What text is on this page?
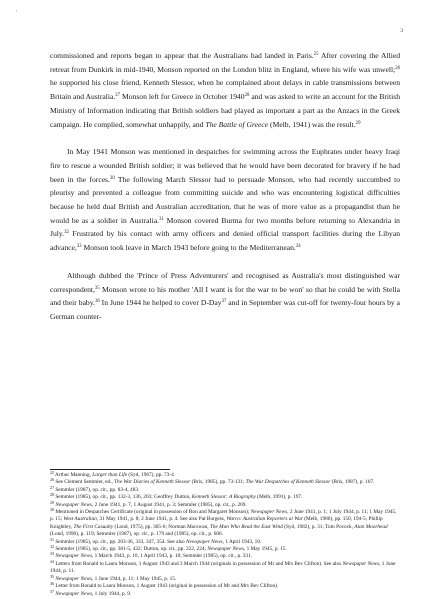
'
3

commissioned and reports began to appear that the Australians had landed in Paris.$^{25}$ After covering the Allied retreat from Dunkirk in mid-1940, Monson reported on the London blitz in England, where his wife was unwell;$^{26}$ he supported his close friend, Kenneth Slessor, when he complained about delays in cable transmissions between Britain and Australia.$^{27}$ Monson left for Greece in October 1940$^{28}$ and was asked to write an account for the British Ministry of Information indicating that British soldiers had played as important a part as the Anzacs in the Greek campaign. He complied, somewhat unhappily, and The Battle of Greece (Melb, 1941) was the result.$^{29}$

In May 1941 Monson was mentioned in despatches for swimming across the Euphrates under heavy Iraqi fire to rescue a wounded British soldier; it was believed that he would have been decorated for bravery if he had been in the forces.$^{30}$ The following March Slessor had to persuade Monson, who had recently succumbed to pleurisy and prevented a colleague from committing suicide and who was encountering logistical difficulties because he held dual British and Australian accreditation, that he was of more value as a propagandist than he would be as a soldier in Australia.$^{31}$ Monson covered Burma for two months before returning to Alexandria in July.$^{32}$ Frustrated by his contact with army officers and denied official transport facilities during the Libyan advance,$^{33}$ Monson took leave in March 1943 before going to the Mediterranean.$^{34}$

Although dubbed the 'Prince of Press Adventurers' and recognised as Australia's most distinguished war correspondent,$^{35}$ Monson wrote to his mother 'All I want is for the war to be won' so that he could be with Stella and their baby.$^{36}$ In June 1944 he helped to cover D-Day$^{37}$ and in September was cut-off for twenty-four hours by a German counter-

$^{25}$ Arthur Manning, Larger than Life (Syd, 1967), pp. 73-4.

$^{26}$ See Clement Semmler, ed., The War Diaries of Kenneth Slessor (Bris, 1985), pp. 73-131; The War Despatches of Kenneth Slessor (Bris, 1987), p. 167.

$^{27}$ Semmler (1987), op. cit., pp. 83-4, 483.

$^{28}$ Semmler (1985), op. cit., pp. 132-3, 136, 203; Geoffrey Dutton, Kenneth Slessor: A Biography (Melb, 1991), p. 197.

$^{29}$ Newspaper News, 2 June 1941, p. 7, 1 August 1941, p. 3; Semmler (1985), op. cit., p. 269.

$^{30}$ Mentioned in Despatches Certificate (original in possession of Ron and Margaret Monson); Newspaper News, 2 June 1941, p. 1; 1 July 1944, p. 11; 1 May 1945, p. 15; West Australian, 31 May 1941, p. 8; 2 June 1941, p. 4. See also Pat Burgess, Warco: Australian Reporters at War (Melb, 1986), pp. 150, 194-5; Phillip Knightley, The First Casualty (Lond, 1975), pp. 305-6; Norman Macswan, The Man Who Read the East Wind (Syd, 1982), p. 31; Tom Pocock, Alan Moorhead (Lond, 1990), p. 119; Semmler (1987), op. cit., p. 179 and (1985), op. cit., p. 606.

$^{31}$ Semmler (1985), op. cit., pp. 203-36, 333, 347, 354. See also Newspaper News, 1 April 1943, 10.

$^{32}$ Semmler (1985), op. cit., pp. 381-5, 432; Dutton, op. cit., pp. 222, 224; Newspaper News, 1 May 1945, p. 15.

$^{33}$ Newspaper News, 1 March 1943, p. 10, 1 April 1943, p. 10; Semmler (1985), op. cit., p. 331.

$^{34}$ Letters from Ronald to Laura Monson, 1 August 1943 and 3 March 1944 (originals in possession of Mr and Mrs Bev Clifton). See also Newspaper News, 1 June 1944, p. 11.

$^{35}$ Newspaper News, 1 June 1944, p. 11; 1 May 1945, p. 15.

$^{36}$ Letter from Ronald to Laura Monson, 1 August 1943 (original in possession of Mr and Mrs Bev Clifton).

$^{37}$ Newspaper News, 1 July 1944, p. 9.
